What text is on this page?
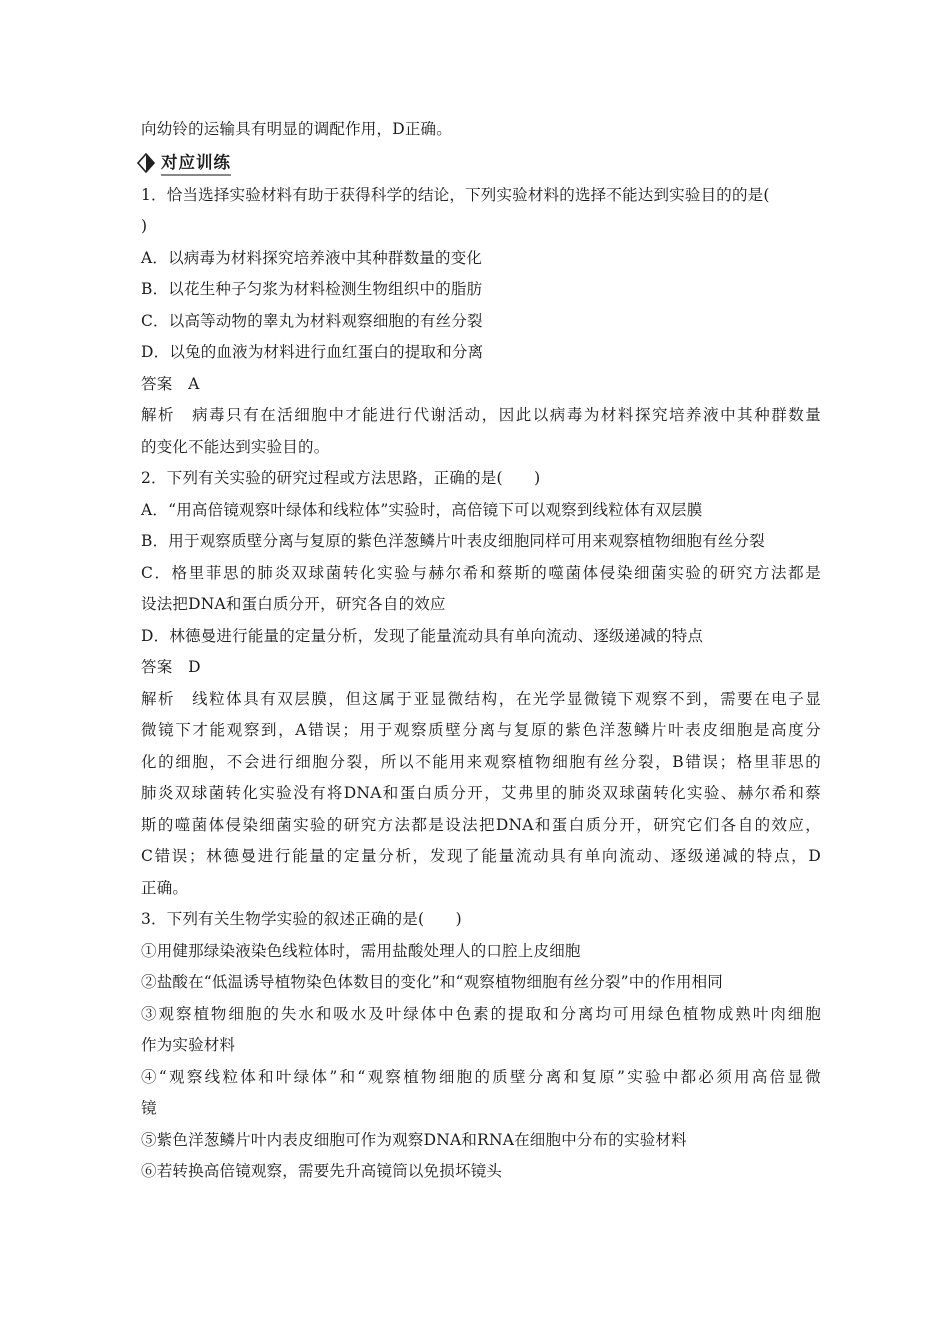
向幼铃的运输具有明显的调配作用，D正确。
对应训练
1．恰当选择实验材料有助于获得科学的结论，下列实验材料的选择不能达到实验目的的是(
)
A．以病毒为材料探究培养液中其种群数量的变化
B．以花生种子匀浆为材料检测生物组织中的脂肪
C．以高等动物的睾丸为材料观察细胞的有丝分裂
D．以兔的血液为材料进行血红蛋白的提取和分离
答案　A
解析　病毒只有在活细胞中才能进行代谢活动，因此以病毒为材料探究培养液中其种群数量
的变化不能达到实验目的。
2．下列有关实验的研究过程或方法思路，正确的是(　　)
A．“用高倍镜观察叶绿体和线粒体”实验时，高倍镜下可以观察到线粒体有双层膜
B．用于观察质壁分离与复原的紫色洋葱鳞片叶表皮细胞同样可用来观察植物细胞有丝分裂
C．格里菲思的肺炎双球菌转化实验与赫尔希和蔡斯的噬菌体侵染细菌实验的研究方法都是
设法把DNA和蛋白质分开，研究各自的效应
D．林德曼进行能量的定量分析，发现了能量流动具有单向流动、逐级递减的特点
答案　D
解析　线粒体具有双层膜，但这属于亚显微结构，在光学显微镜下观察不到，需要在电子显
微镜下才能观察到，A错误；用于观察质壁分离与复原的紫色洋葱鳞片叶表皮细胞是高度分
化的细胞，不会进行细胞分裂，所以不能用来观察植物细胞有丝分裂，B错误；格里菲思的
肺炎双球菌转化实验没有将DNA和蛋白质分开，艾弗里的肺炎双球菌转化实验、赫尔希和蔡
斯的噬菌体侵染细菌实验的研究方法都是设法把DNA和蛋白质分开，研究它们各自的效应，
C错误；林德曼进行能量的定量分析，发现了能量流动具有单向流动、逐级递减的特点，D
正确。
3．下列有关生物学实验的叙述正确的是(　　)
①用健那绿染液染色线粒体时，需用盐酸处理人的口腔上皮细胞
②盐酸在“低温诱导植物染色体数目的变化”和“观察植物细胞有丝分裂”中的作用相同
③观察植物细胞的失水和吸水及叶绿体中色素的提取和分离均可用绿色植物成熟叶肉细胞
作为实验材料
④“观察线粒体和叶绿体”和“观察植物细胞的质壁分离和复原”实验中都必须用高倍显微
镜
⑤紫色洋葱鳞片叶内表皮细胞可作为观察DNA和RNA在细胞中分布的实验材料
⑥若转换高倍镜观察，需要先升高镜筒以免损坏镜头
